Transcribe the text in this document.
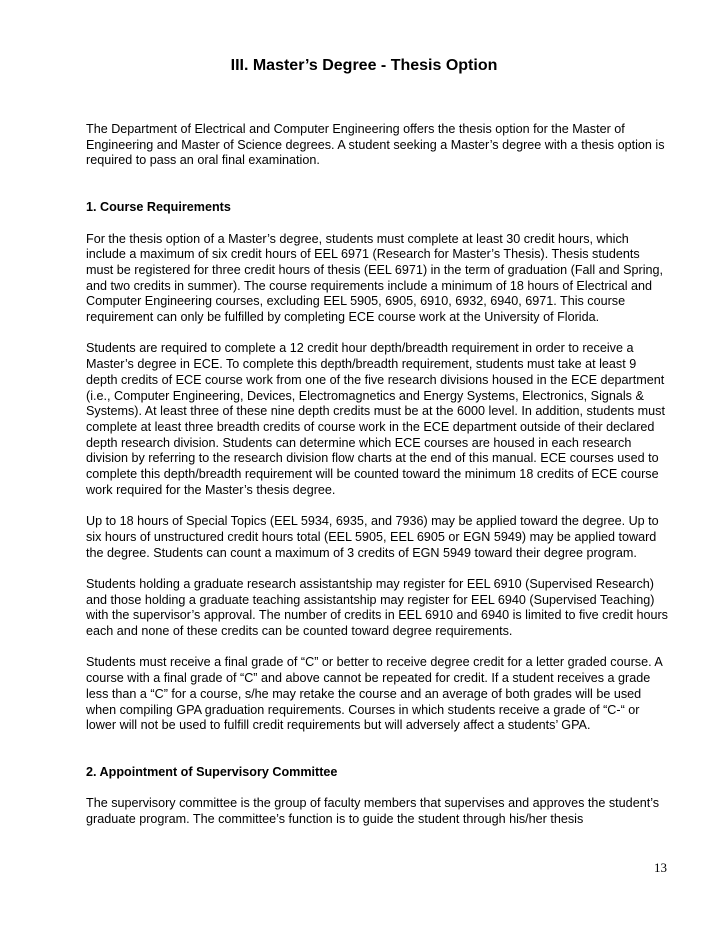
III. Master’s Degree - Thesis Option

The Department of Electrical and Computer Engineering offers the thesis option for the Master of Engineering and Master of Science degrees. A student seeking a Master’s degree with a thesis option is required to pass an oral final examination.

1. Course Requirements

For the thesis option of a Master’s degree, students must complete at least 30 credit hours, which include a maximum of six credit hours of EEL 6971 (Research for Master’s Thesis). Thesis students must be registered for three credit hours of thesis (EEL 6971) in the term of graduation (Fall and Spring, and two credits in summer). The course requirements include a minimum of 18 hours of Electrical and Computer Engineering courses, excluding EEL 5905, 6905, 6910, 6932, 6940, 6971. This course requirement can only be fulfilled by completing ECE course work at the University of Florida.

Students are required to complete a 12 credit hour depth/breadth requirement in order to receive a Master’s degree in ECE. To complete this depth/breadth requirement, students must take at least 9 depth credits of ECE course work from one of the five research divisions housed in the ECE department (i.e., Computer Engineering, Devices, Electromagnetics and Energy Systems, Electronics, Signals & Systems). At least three of these nine depth credits must be at the 6000 level. In addition, students must complete at least three breadth credits of course work in the ECE department outside of their declared depth research division. Students can determine which ECE courses are housed in each research division by referring to the research division flow charts at the end of this manual. ECE courses used to complete this depth/breadth requirement will be counted toward the minimum 18 credits of ECE course work required for the Master’s thesis degree.

Up to 18 hours of Special Topics (EEL 5934, 6935, and 7936) may be applied toward the degree. Up to six hours of unstructured credit hours total (EEL 5905, EEL 6905 or EGN 5949) may be applied toward the degree. Students can count a maximum of 3 credits of EGN 5949 toward their degree program.

Students holding a graduate research assistantship may register for EEL 6910 (Supervised Research) and those holding a graduate teaching assistantship may register for EEL 6940 (Supervised Teaching) with the supervisor’s approval. The number of credits in EEL 6910 and 6940 is limited to five credit hours each and none of these credits can be counted toward degree requirements.

Students must receive a final grade of “C” or better to receive degree credit for a letter graded course. A course with a final grade of “C” and above cannot be repeated for credit. If a student receives a grade less than a “C” for a course, s/he may retake the course and an average of both grades will be used when compiling GPA graduation requirements. Courses in which students receive a grade of “C-“ or lower will not be used to fulfill credit requirements but will adversely affect a students’ GPA.

2. Appointment of Supervisory Committee

The supervisory committee is the group of faculty members that supervises and approves the student’s graduate program. The committee’s function is to guide the student through his/her thesis

13
